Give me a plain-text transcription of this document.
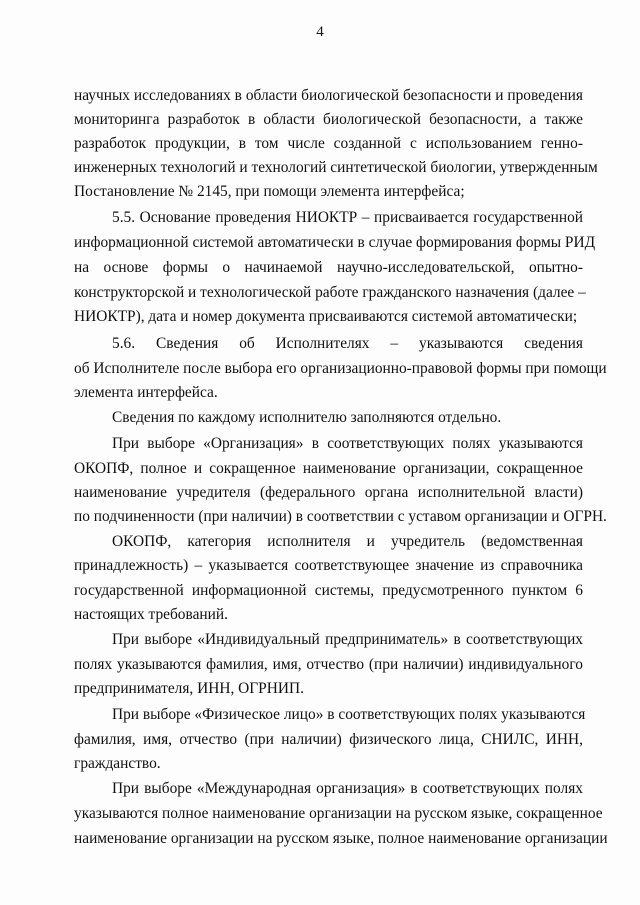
4
научных исследованиях в области биологической безопасности и проведения
мониторинга разработок в области биологической безопасности, а также
разработок продукции, в том числе созданной с использованием генно-
инженерных технологий и технологий синтетической биологии, утвержденным
Постановление № 2145, при помощи элемента интерфейса;
5.5. Основание проведения НИОКТР – присваивается государственной
информационной системой автоматически в случае формирования формы РИД
на основе формы о начинаемой научно-исследовательской, опытно-
конструкторской и технологической работе гражданского назначения (далее –
НИОКТР), дата и номер документа присваиваются системой автоматически;
5.6. Сведения об Исполнителях – указываются сведения
об Исполнителе после выбора его организационно-правовой формы при помощи
элемента интерфейса.
Сведения по каждому исполнителю заполняются отдельно.
При выборе «Организация» в соответствующих полях указываются
ОКОПФ, полное и сокращенное наименование организации, сокращенное
наименование учредителя (федерального органа исполнительной власти)
по подчиненности (при наличии) в соответствии с уставом организации и ОГРН.
ОКОПФ, категория исполнителя и учредитель (ведомственная
принадлежность) – указывается соответствующее значение из справочника
государственной информационной системы, предусмотренного пунктом 6
настоящих требований.
При выборе «Индивидуальный предприниматель» в соответствующих
полях указываются фамилия, имя, отчество (при наличии) индивидуального
предпринимателя, ИНН, ОГРНИП.
При выборе «Физическое лицо» в соответствующих полях указываются
фамилия, имя, отчество (при наличии) физического лица, СНИЛС, ИНН,
гражданство.
При выборе «Международная организация» в соответствующих полях
указываются полное наименование организации на русском языке, сокращенное
наименование организации на русском языке, полное наименование организации
